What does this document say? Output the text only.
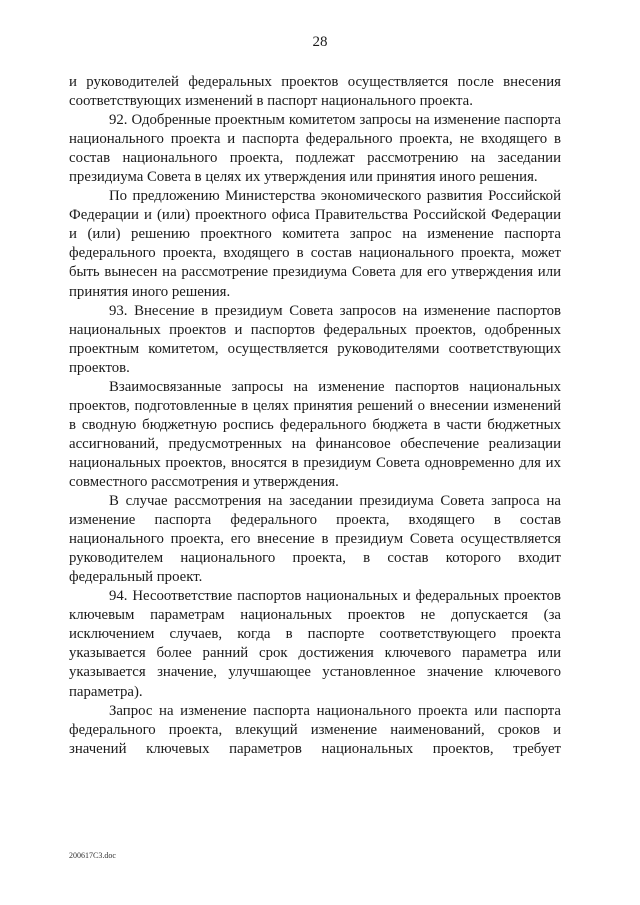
28

и руководителей федеральных проектов осуществляется после внесения соответствующих изменений в паспорт национального проекта.

92. Одобренные проектным комитетом запросы на изменение паспорта национального проекта и паспорта федерального проекта, не входящего в состав национального проекта, подлежат рассмотрению на заседании президиума Совета в целях их утверждения или принятия иного решения.

По предложению Министерства экономического развития Российской Федерации и (или) проектного офиса Правительства Российской Федерации и (или) решению проектного комитета запрос на изменение паспорта федерального проекта, входящего в состав национального проекта, может быть вынесен на рассмотрение президиума Совета для его утверждения или принятия иного решения.

93. Внесение в президиум Совета запросов на изменение паспортов национальных проектов и паспортов федеральных проектов, одобренных проектным комитетом, осуществляется руководителями соответствующих проектов.

Взаимосвязанные запросы на изменение паспортов национальных проектов, подготовленные в целях принятия решений о внесении изменений в сводную бюджетную роспись федерального бюджета в части бюджетных ассигнований, предусмотренных на финансовое обеспечение реализации национальных проектов, вносятся в президиум Совета одновременно для их совместного рассмотрения и утверждения.

В случае рассмотрения на заседании президиума Совета запроса на изменение паспорта федерального проекта, входящего в состав национального проекта, его внесение в президиум Совета осуществляется руководителем национального проекта, в состав которого входит федеральный проект.

94. Несоответствие паспортов национальных и федеральных проектов ключевым параметрам национальных проектов не допускается (за исключением случаев, когда в паспорте соответствующего проекта указывается более ранний срок достижения ключевого параметра или указывается значение, улучшающее установленное значение ключевого параметра).

Запрос на изменение паспорта национального проекта или паспорта федерального проекта, влекущий изменение наименований, сроков и значений ключевых параметров национальных проектов, требует

200617C3.doc
